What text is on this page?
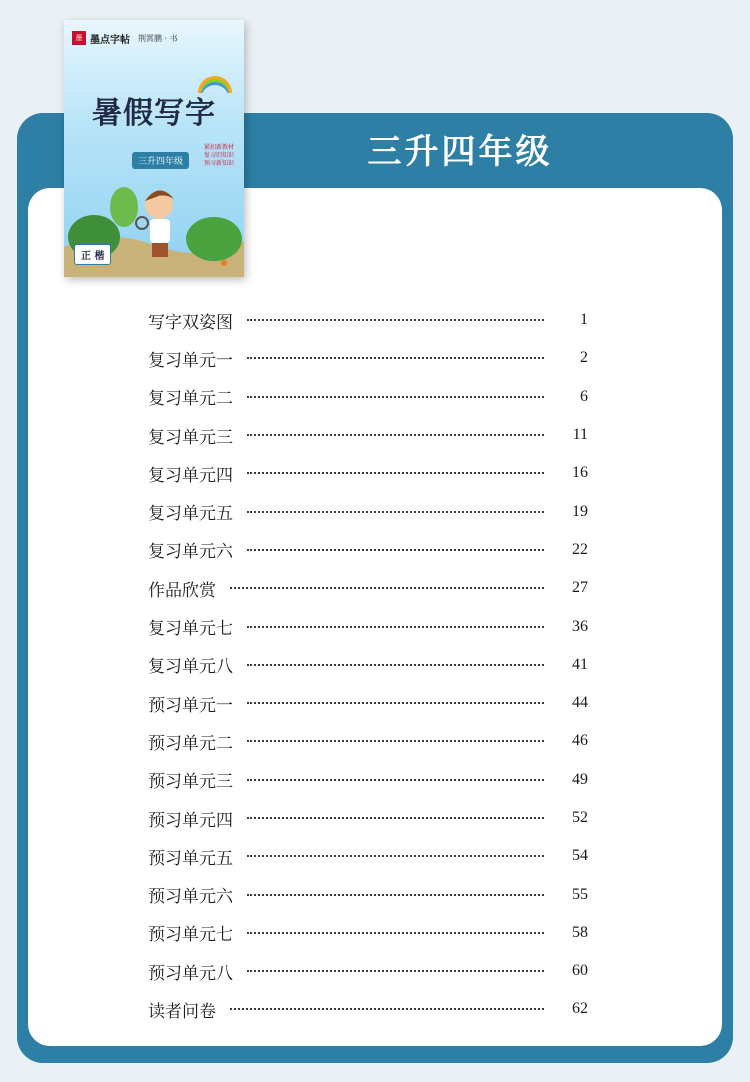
三升四年级
墨 墨点字帖 荆霄鹏 · 书
暑假写字
三升四年级
紧扣新教材 复习旧知识 预习新知识
正 楷
写字双姿图	1
复习单元一	2
复习单元二	6
复习单元三	11
复习单元四	16
复习单元五	19
复习单元六	22
作品欣赏	27
复习单元七	36
复习单元八	41
预习单元一	44
预习单元二	46
预习单元三	49
预习单元四	52
预习单元五	54
预习单元六	55
预习单元七	58
预习单元八	60
读者问卷	62
